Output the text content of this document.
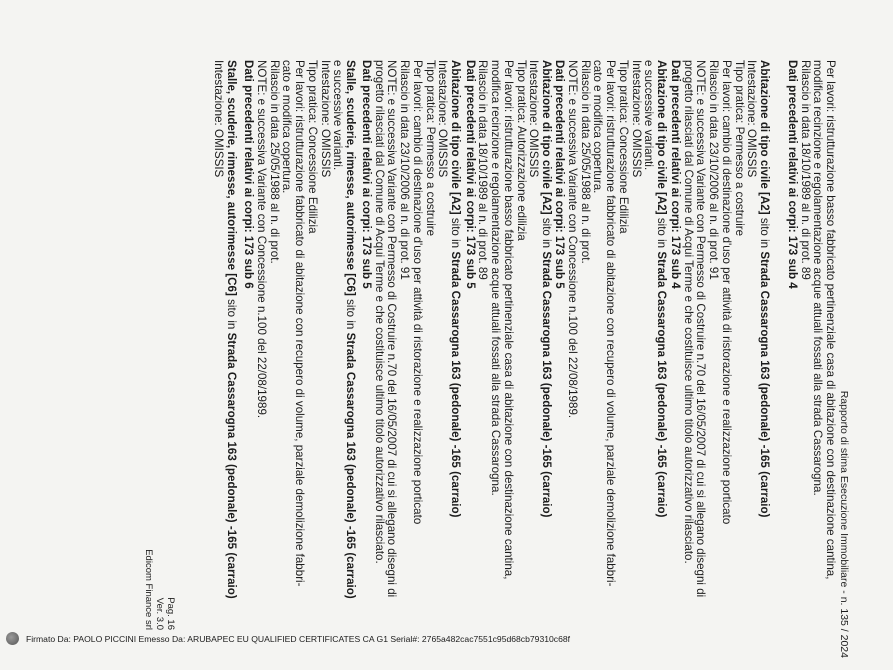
Rapporto di stima Esecuzione Immobiliare - n. 135 / 2024
Per lavori: ristrutturazione basso fabbricato pertinenziale casa di abitazione con destinazione cantina,
modifica recinzione e regolamentazione acque attuali fossati alla strada Cassarogna.
Rilascio in data 18/10/1989 al n. di prot. 89
Dati precedenti relativi ai corpi: 173 sub 4
Abitazione di tipo civile [A2] sito in Strada Cassarogna 163 (pedonale) -165 (carraio)
Intestazione: OMISSIS
Tipo pratica: Permesso a costruire
Per lavori: cambio di destinazione d'uso per attività di ristorazione e realizzazione porticato
Rilascio in data 23/10/2006 al n. di prot. 91
NOTE: e successiva Variante con Permesso di Costruire n.70 del 16/05/2007 di cui si allegano disegni di
progetto rilasciati dal Comune di Acqui Terme e che costituisce ultimo titolo autorizzativo rilasciato.
Dati precedenti relativi ai corpi: 173 sub 4
Abitazione di tipo civile [A2] sito in Strada Cassarogna 163 (pedonale) -165 (carraio)
e successive varianti.
Intestazione: OMISSIS
Tipo pratica: Concessione Edilizia
Per lavori: ristrutturazione fabbricato di abitazione con recupero di volume, parziale demolizione fabbri-
cato e modifica copertura.
Rilascio in data 25/05/1988 al n. di prot.
NOTE: e successiva Variante con Concessione n.100 del 22/08/1989.
Dati precedenti relativi ai corpi: 173 sub 5
Abitazione di tipo civile [A2] sito in Strada Cassarogna 163 (pedonale) -165 (carraio)
Intestazione: OMISSIS
Tipo pratica: Autorizzazione edilizia
Per lavori: ristrutturazione basso fabbricato pertinenziale casa di abitazione con destinazione cantina,
modifica recinzione e regolamentazione acque attuali fossati alla strada Cassarogna.
Rilascio in data 18/10/1989 al n. di prot. 89
Dati precedenti relativi ai corpi: 173 sub 5
Abitazione di tipo civile [A2] sito in Strada Cassarogna 163 (pedonale) -165 (carraio)
Intestazione: OMISSIS
Tipo pratica: Permesso a costruire
Per lavori: cambio di destinazione d'uso per attività di ristorazione e realizzazione porticato
Rilascio in data 23/10/2006 al n. di prot. 91
NOTE: e successiva Variante con Permesso di Costruire n.70 del 16/05/2007 di cui si allegano disegni di
progetto rilasciati dal Comune di Acqui Terme e che costituisce ultimo titolo autorizzativo rilasciato.
Dati precedenti relativi ai corpi: 173 sub 5
Stalle, scuderie, rimesse, autorimesse [C6] sito in Strada Cassarogna 163 (pedonale) -165 (carraio)
e successive varianti.
Intestazione: OMISSIS
Tipo pratica: Concessione Edilizia
Per lavori: ristrutturazione fabbricato di abitazione con recupero di volume, parziale demolizione fabbri-
cato e modifica copertura.
Rilascio in data 25/05/1988 al n. di prot.
NOTE: e successiva Variante con Concessione n.100 del 22/08/1989.
Dati precedenti relativi ai corpi: 173 sub 6
Stalle, scuderie, rimesse, autorimesse [C6] sito in Strada Cassarogna 163 (pedonale) -165 (carraio)
Intestazione: OMISSIS
Pag. 16
Ver. 3.0
Edicom Finance srl
Firmato Da: PAOLO PICCINI Emesso Da: ARUBAPEC EU QUALIFIED CERTIFICATES CA G1 Serial#: 2765a482cac7551c95d68cb79310c68f
